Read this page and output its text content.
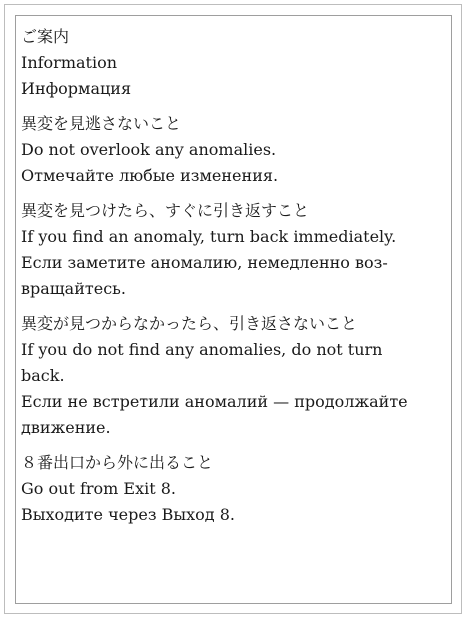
ご案内
Information
Информация
異変を見逃さないこと
Do not overlook any anomalies.
Отмечайте любые изменения.
異変を見つけたら、すぐに引き返すこと
If you find an anomaly, turn back immediately.
Если заметите аномалию, немедленно воз-вращайтесь.
異変が見つからなかったら、引き返さないこと
If you do not find any anomalies, do not turn back.
Если не встретили аномалий — продолжайте движение.
８番出口から外に出ること
Go out from Exit 8.
Выходите через Выход 8.
